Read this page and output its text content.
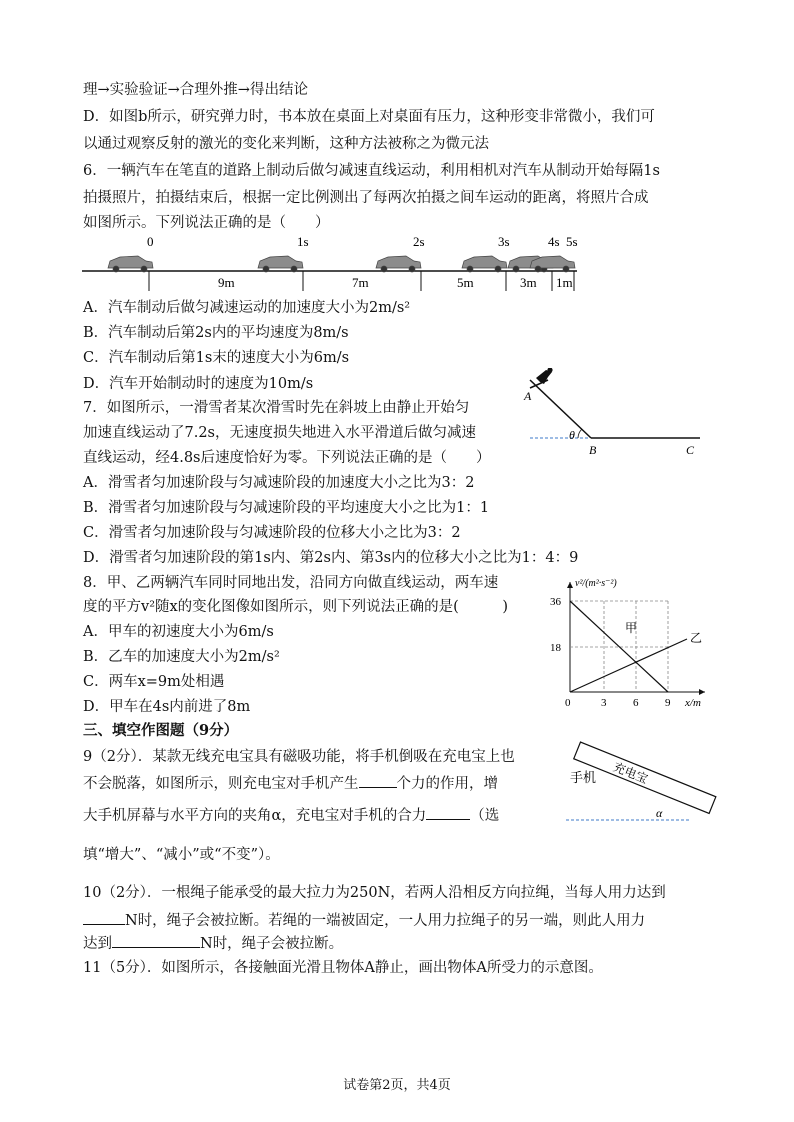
理→实验验证→合理外推→得出结论
D．如图b所示，研究弹力时，书本放在桌面上对桌面有压力，这种形变非常微小，我们可
以通过观察反射的激光的变化来判断，这种方法被称之为微元法
6．一辆汽车在笔直的道路上制动后做匀减速直线运动，利用相机对汽车从制动开始每隔1s
拍摄照片，拍摄结束后，根据一定比例测出了每两次拍摄之间车运动的距离，将照片合成
如图所示。下列说法正确的是（　　）
0	1s	2s	3s	4s 5s
9m	7m	5m	3m 1m
A．汽车制动后做匀减速运动的加速度大小为2m/s²
B．汽车制动后第2s内的平均速度为8m/s
C．汽车制动后第1s末的速度大小为6m/s
D．汽车开始制动时的速度为10m/s
7．如图所示，一滑雪者某次滑雪时先在斜坡上由静止开始匀
加速直线运动了7.2s，无速度损失地进入水平滑道后做匀减速
直线运动，经4.8s后速度恰好为零。下列说法正确的是（　　）
A
θ
B	C
A．滑雪者匀加速阶段与匀减速阶段的加速度大小之比为3：2
B．滑雪者匀加速阶段与匀减速阶段的平均速度大小之比为1：1
C．滑雪者匀加速阶段与匀减速阶段的位移大小之比为3：2
D．滑雪者匀加速阶段的第1s内、第2s内、第3s内的位移大小之比为1：4：9
8．甲、乙两辆汽车同时同地出发，沿同方向做直线运动，两车速
度的平方v²随x的变化图像如图所示，则下列说法正确的是(　　　)
A．甲车的初速度大小为6m/s
B．乙车的加速度大小为2m/s²
C．两车x=9m处相遇
D．甲车在4s内前进了8m
v²/(m²·s⁻²)
36
18
0	3 6 9 x/m
甲
乙
三、填空作图题（9分）
9（2分）．某款无线充电宝具有磁吸功能，将手机倒吸在充电宝上也
不会脱落，如图所示，则充电宝对手机产生	个力的作用，增
大手机屏幕与水平方向的夹角α，充电宝对手机的合力	（选
填“增大”、“减小”或“不变”）。
充电宝
手机
α
10（2分）．一根绳子能承受的最大拉力为250N，若两人沿相反方向拉绳，当每人用力达到
N时，绳子会被拉断。若绳的一端被固定，一人用力拉绳子的另一端，则此人用力
达到	N时，绳子会被拉断。
11（5分）．如图所示，各接触面光滑且物体A静止，画出物体A所受力的示意图。
试卷第2页，共4页
